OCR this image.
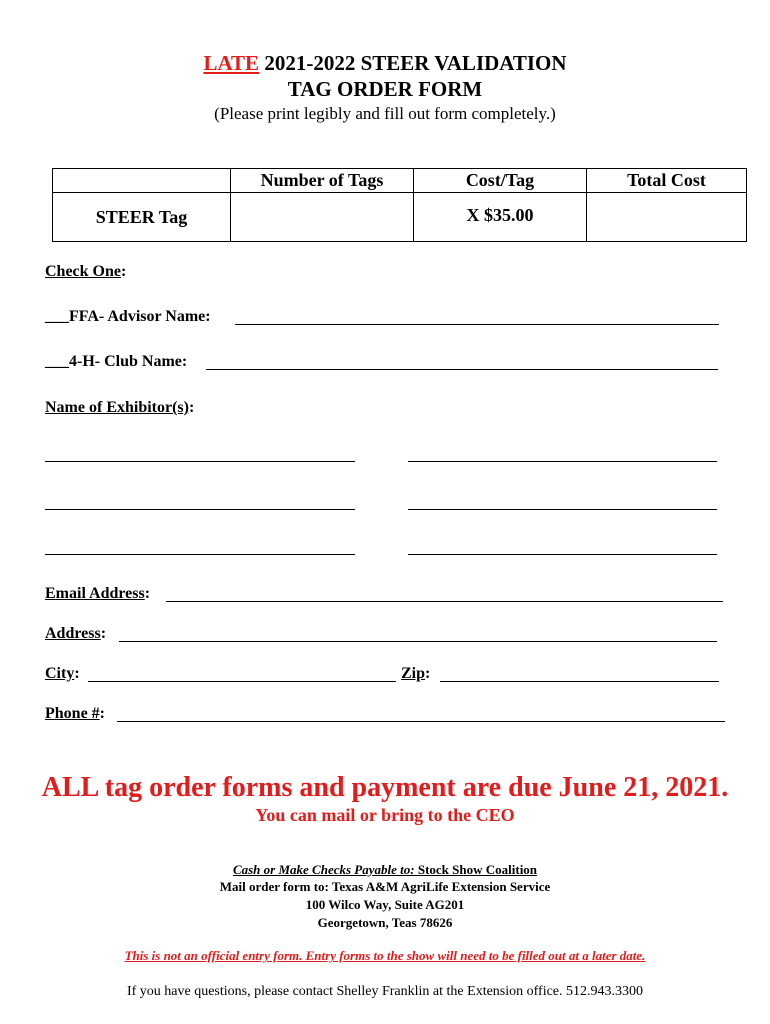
LATE 2021-2022 STEER VALIDATION
TAG ORDER FORM
(Please print legibly and fill out form completely.)
	Number of Tags	Cost/Tag	Total Cost
STEER Tag		X $35.00	
Check One:
___FFA- Advisor Name:
___4-H- Club Name:
Name of Exhibitor(s):
Email Address:
Address:
City:	Zip:
Phone #:
ALL tag order forms and payment are due June 21, 2021.
You can mail or bring to the CEO
Cash or Make Checks Payable to: Stock Show Coalition
Mail order form to: Texas A&M AgriLife Extension Service
100 Wilco Way, Suite AG201
Georgetown, Teas 78626
This is not an official entry form. Entry forms to the show will need to be filled out at a later date.
If you have questions, please contact Shelley Franklin at the Extension office. 512.943.3300
